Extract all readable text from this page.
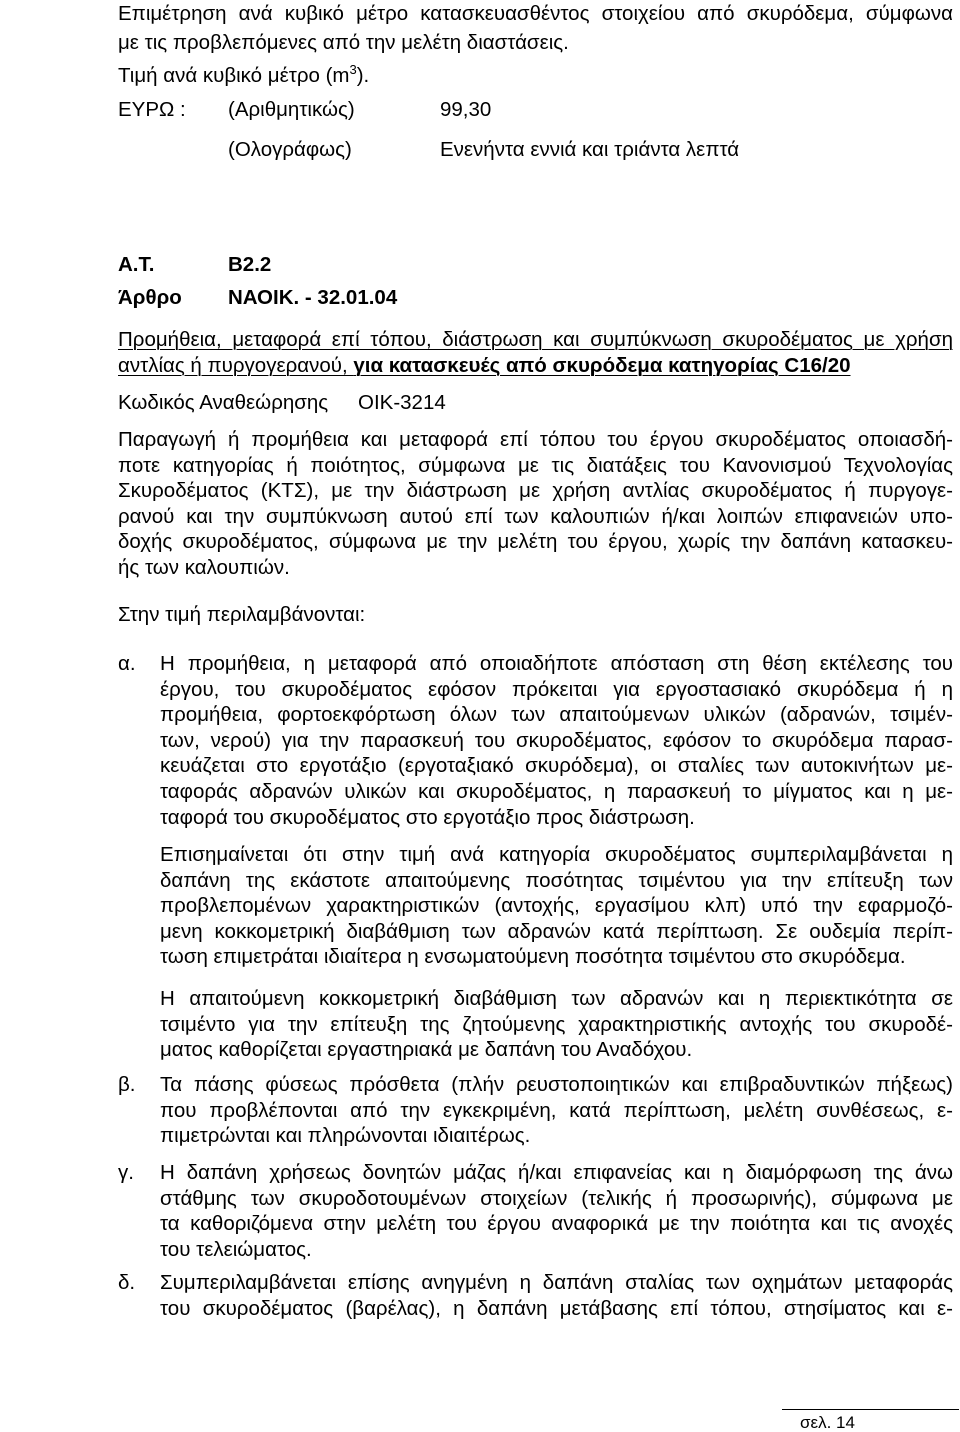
Επιμέτρηση ανά κυβικό μέτρο κατασκευασθέντος στοιχείου από σκυρόδεμα, σύμφωνα
με τις προβλεπόμενες από την μελέτη διαστάσεις.
Τιμή ανά κυβικό μέτρο $(m^3)$.
ΕΥΡΩ : (Αριθμητικώς)	99,30
(Ολογράφως)	Ενενήντα εννιά και τριάντα λεπτά
Α.Τ.	Β2.2
Άρθρο ΝΑΟΙΚ. - 32.01.04
Προμήθεια, μεταφορά επί τόπου, διάστρωση και συμπύκνωση σκυροδέματος με χρήση
αντλίας ή πυργογερανού, για κατασκευές από σκυρόδεμα κατηγορίας C16/20
Κωδικός Αναθεώρησης ΟΙΚ-3214
Παραγωγή ή προμήθεια και μεταφορά επί τόπου του έργου σκυροδέματος οποιασδή-
ποτε κατηγορίας ή ποιότητος, σύμφωνα με τις διατάξεις του Κανονισμού Τεχνολογίας
Σκυροδέματος (ΚΤΣ), με την διάστρωση με χρήση αντλίας σκυροδέματος ή πυργογε-
ρανού και την συμπύκνωση αυτού επί των καλουπιών ή/και λοιπών επιφανειών υπο-
δοχής σκυροδέματος, σύμφωνα με την μελέτη του έργου, χωρίς την δαπάνη κατασκευ-
ής των καλουπιών.
Στην τιμή περιλαμβάνονται:
α. Η προμήθεια, η μεταφορά από οποιαδήποτε απόσταση στη θέση εκτέλεσης του
έργου, του σκυροδέματος εφόσον πρόκειται για εργοστασιακό σκυρόδεμα ή η
προμήθεια, φορτοεκφόρτωση όλων των απαιτούμενων υλικών (αδρανών, τσιμέν-
των, νερού) για την παρασκευή του σκυροδέματος, εφόσον το σκυρόδεμα παρασ-
κευάζεται στο εργοτάξιο (εργοταξιακό σκυρόδεμα), οι σταλίες των αυτοκινήτων με-
ταφοράς αδρανών υλικών και σκυροδέματος, η παρασκευή το μίγματος και η με-
ταφορά του σκυροδέματος στο εργοτάξιο προς διάστρωση.
Επισημαίνεται ότι στην τιμή ανά κατηγορία σκυροδέματος συμπεριλαμβάνεται η
δαπάνη της εκάστοτε απαιτούμενης ποσότητας τσιμέντου για την επίτευξη των
προβλεπομένων χαρακτηριστικών (αντοχής, εργασίμου κλπ) υπό την εφαρμοζό-
μενη κοκκομετρική διαβάθμιση των αδρανών κατά περίπτωση. Σε ουδεμία περίπ-
τωση επιμετράται ιδιαίτερα η ενσωματούμενη ποσότητα τσιμέντου στο σκυρόδεμα.
Η απαιτούμενη κοκκομετρική διαβάθμιση των αδρανών και η περιεκτικότητα σε
τσιμέντο για την επίτευξη της ζητούμενης χαρακτηριστικής αντοχής του σκυροδέ-
ματος καθορίζεται εργαστηριακά με δαπάνη του Αναδόχου.
β. Τα πάσης φύσεως πρόσθετα (πλήν ρευστοποιητικών και επιβραδυντικών πήξεως)
που προβλέπονται από την εγκεκριμένη, κατά περίπτωση, μελέτη συνθέσεως, ε-
πιμετρώνται και πληρώνονται ιδιαιτέρως.
γ. Η δαπάνη χρήσεως δονητών μάζας ή/και επιφανείας και η διαμόρφωση της άνω
στάθμης των σκυροδοτουμένων στοιχείων (τελικής ή προσωρινής), σύμφωνα με
τα καθοριζόμενα στην μελέτη του έργου αναφορικά με την ποιότητα και τις ανοχές
του τελειώματος.
δ. Συμπεριλαμβάνεται επίσης ανηγμένη η δαπάνη σταλίας των οχημάτων μεταφοράς
του σκυροδέματος (βαρέλας), η δαπάνη μετάβασης επί τόπου, στησίματος και ε-
σελ. 14
